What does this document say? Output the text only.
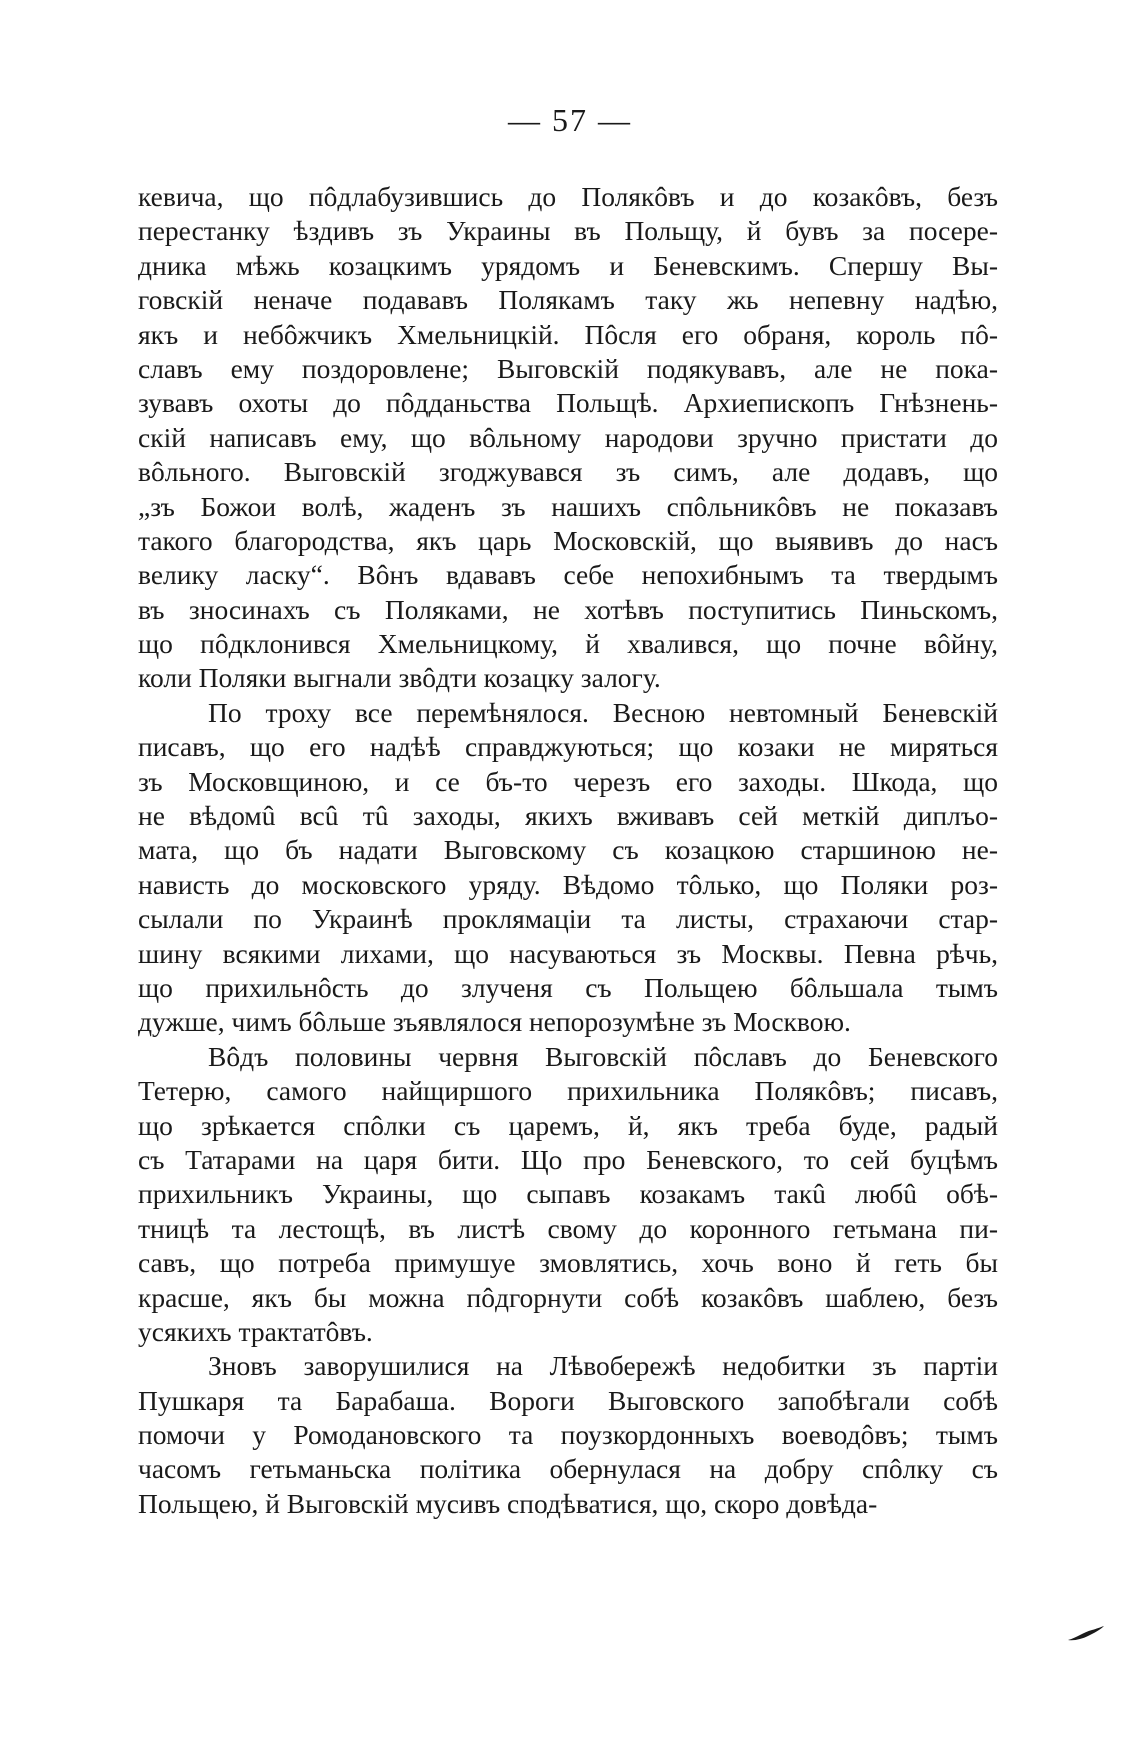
— 57 —
кевича, що пôдлабузившись до Полякôвъ и до козакôвъ, безъ
перестанку ѣздивъ зъ Украины въ Польщу, й бувъ за посере-
дника мѣжь козацкимъ урядомъ и Беневскимъ. Спершу Вы-
говскій неначе подававъ Полякамъ таку жь непевну надѣю,
якъ и небôжчикъ Хмельницкій. Пôсля его обраня, король пô-
славъ ему поздоровлене; Выговскій подякувавъ, але не пока-
зувавъ охоты до пôдданьства Польщѣ. Архиепископъ Гнѣзнень-
скій написавъ ему, що вôльному народови зручно пристати до
вôльного. Выговскій згоджувався зъ симъ, але додавъ, що
„зъ Божои волѣ, жаденъ зъ нашихъ спôльникôвъ не показавъ
такого благородства, якъ царь Московскій, що выявивъ до насъ
велику ласку“. Вôнъ вдававъ себе непохибнымъ та твердымъ
въ зносинахъ съ Поляками, не хотѣвъ поступитись Пиньскомъ,
що пôдклонився Хмельницкому, й хвалився, що почне вôйну,
коли Поляки выгнали звôдти козацку залогу.
По троху все перемѣнялося. Весною невтомный Беневскій
писавъ, що его надѣѣ справджуються; що козаки не миряться
зъ Московщиною, и се бъ-то черезъ его заходы. Шкода, що
не вѣдомû всû тû заходы, якихъ вживавъ сей меткій диплъо-
мата, що бъ надати Выговскому съ козацкою старшиною не-
нависть до московского уряду. Вѣдомо тôлько, що Поляки роз-
сылали по Украинѣ проклямаціи та листы, страхаючи стар-
шину всякими лихами, що насуваються зъ Москвы. Певна рѣчь,
що прихильнôсть до злученя съ Польщею бôльшала тымъ
дужше, чимъ бôльше зъявлялося непорозумѣне зъ Москвою.
Вôдъ половины червня Выговскій пôславъ до Беневского
Тетерю, самого найщиршого прихильника Полякôвъ; писавъ,
що зрѣкается спôлки съ царемъ, й, якъ треба буде, радый
съ Татарами на царя бити. Що про Беневского, то сей буцѣмъ
прихильникъ Украины, що сыпавъ козакамъ такû любû обѣ-
тницѣ та лестощѣ, въ листѣ свому до коронного гетьмана пи-
савъ, що потреба примушуе змовлятись, хочь воно й геть бы
красше, якъ бы можна пôдгорнути собѣ козакôвъ шаблею, безъ
усякихъ трактатôвъ.
Зновъ заворушилися на Лѣвобережѣ недобитки зъ партіи
Пушкаря та Барабаша. Вороги Выговского запобѣгали собѣ
помочи у Ромодановского та поузкордонныхъ воеводôвъ; тымъ
часомъ гетьманьска політика обернулася на добру спôлку съ
Польщею, й Выговскій мусивъ сподѣватися, що, скоро довѣда-
